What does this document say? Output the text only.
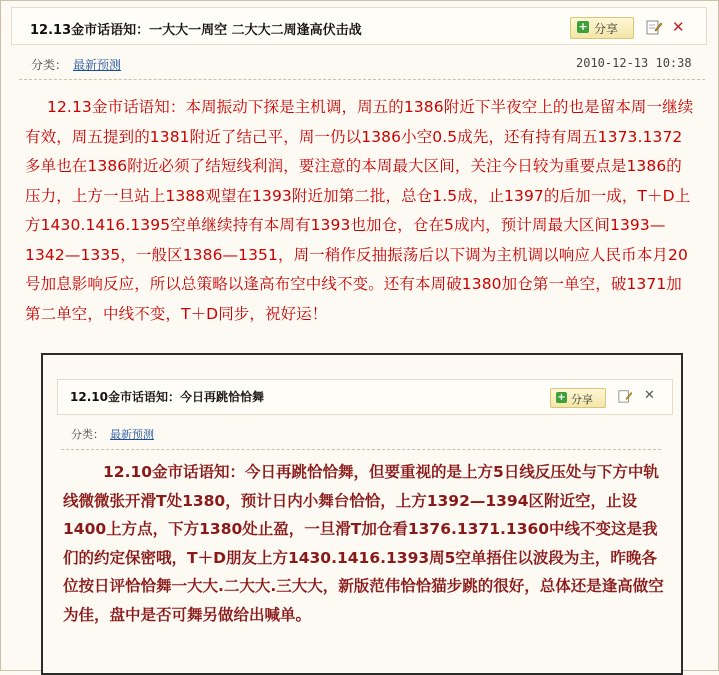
12.13金市话语知：一大大一周空 二大大二周逢高伏击战	+ 分享	✕
分类： 最新预测	2010-12-13 10:38

12.13金市话语知：本周振动下探是主机调，周五的1386附近下半夜空上的也是留本周一继续有效，周五提到的1381附近了结己平，周一仍以1386小空0.5成先，还有持有周五1373.1372多单也在1386附近必须了结短线利润，要注意的本周最大区间，关注今日较为重要点是1386的压力，上方一旦站上1388观望在1393附近加第二批，总仓1.5成，止1397的后加一成，T＋D上方1430.1416.1395空单继续持有本周有1393也加仓，仓在5成内，预计周最大区间1393—1342—1335，一般区1386—1351，周一稍作反抽振荡后以下调为主机调以响应人民币本月20号加息影响反应，所以总策略以逢高布空中线不变。还有本周破1380加仓第一单空，破1371加第二单空，中线不变，T＋D同步，祝好运！

12.10金市话语知：今日再跳恰恰舞	+ 分享	✕
分类： 最新预测

12.10金市话语知：今日再跳恰恰舞，但要重视的是上方5日线反压处与下方中轨线微微张开滑T处1380，预计日内小舞台恰恰，上方1392—1394区附近空，止设1400上方点，下方1380处止盈，一旦滑T加仓看1376.1371.1360中线不变这是我们的约定保密哦，T＋D朋友上方1430.1416.1393周5空单捂住以波段为主，昨晚各位按日评恰恰舞一大大.二大大.三大大，新版范伟恰恰猫步跳的很好，总体还是逢高做空为佳，盘中是否可舞另做给出喊单。
